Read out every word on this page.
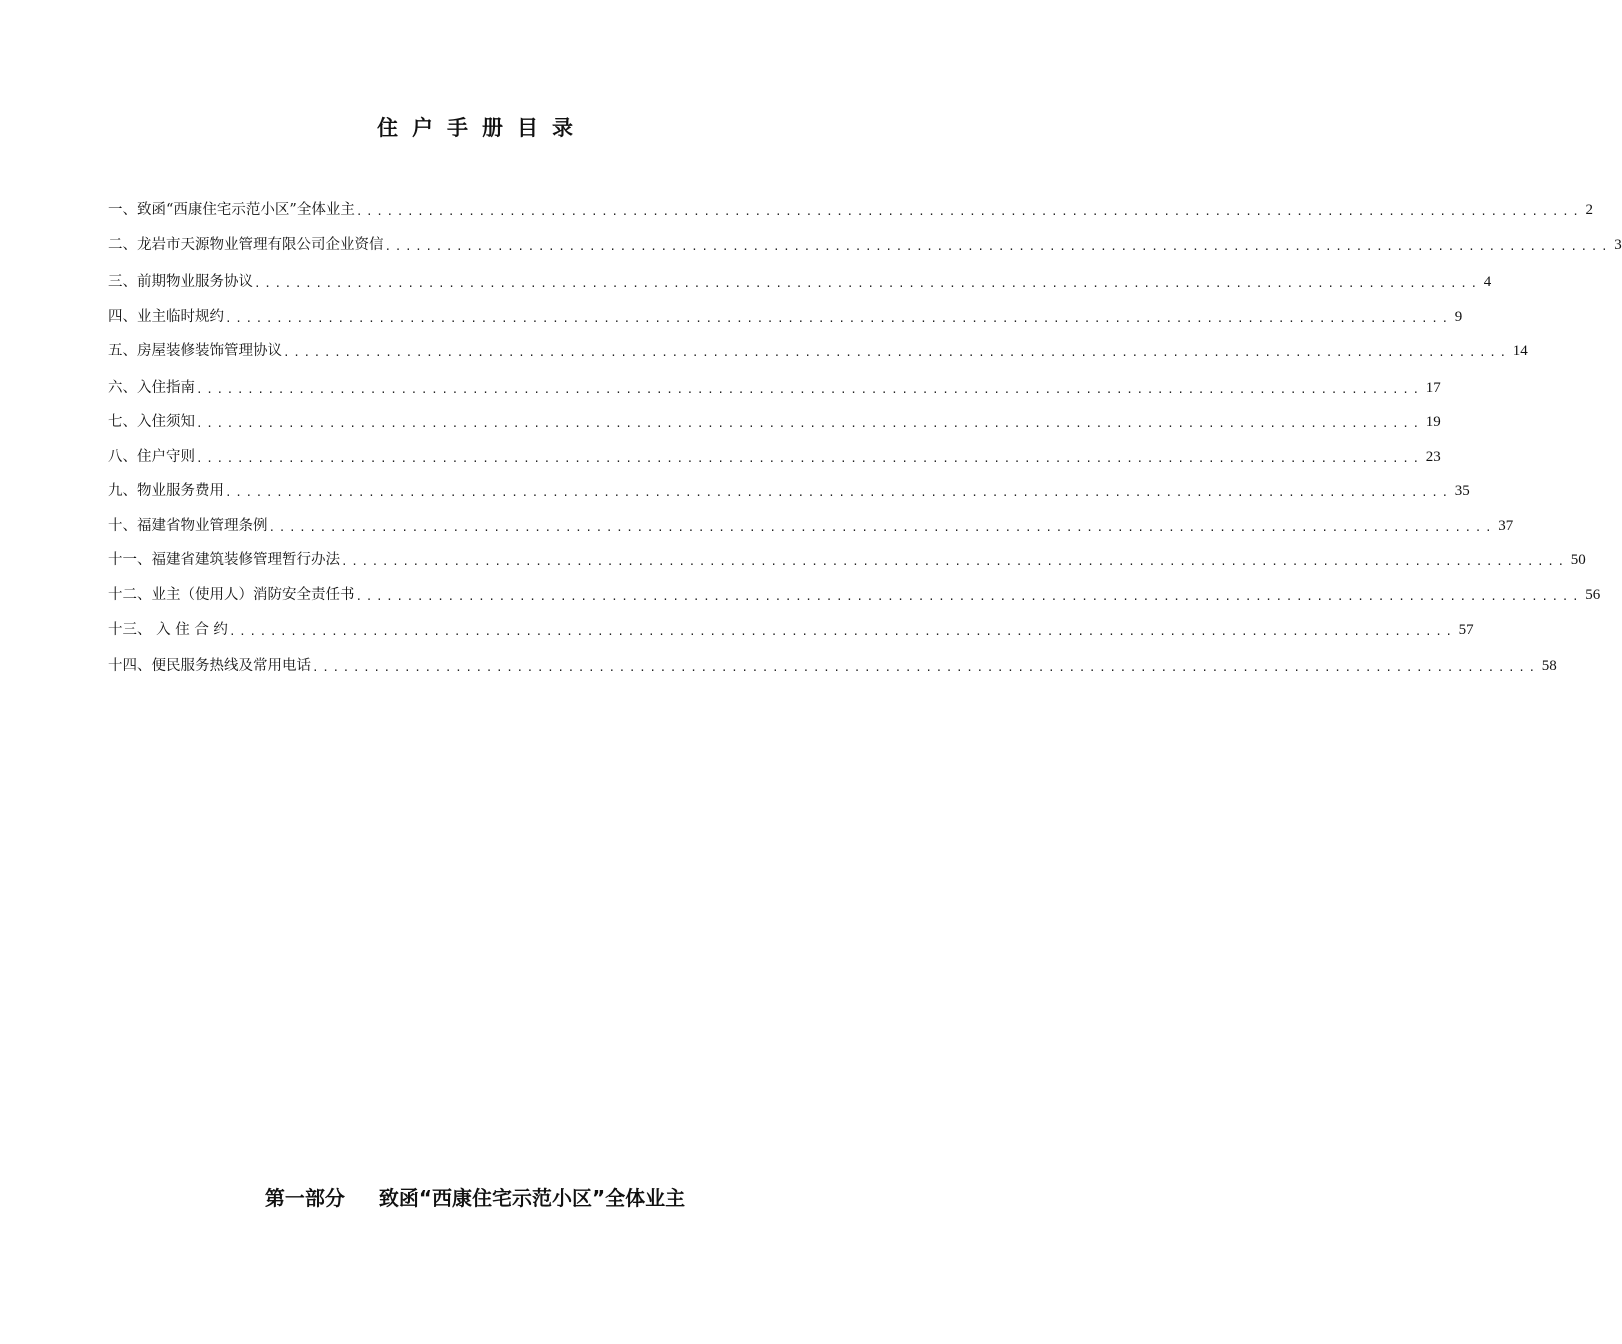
住户手册目录
一、致函“西康住宅示范小区”全体业主 ........................................................................................................................ 2
二、龙岩市天源物业管理有限公司企业资信 ........................................................................................................................ 3
三、前期物业服务协议 ........................................................................................................................ 4
四、业主临时规约 ........................................................................................................................ 9
五、房屋装修装饰管理协议 ........................................................................................................................ 14
六、入住指南 ........................................................................................................................ 17
七、入住须知 ........................................................................................................................ 19
八、住户守则 ........................................................................................................................ 23
九、物业服务费用 ........................................................................................................................ 35
十、福建省物业管理条例 ........................................................................................................................ 37
十一、福建省建筑装修管理暂行办法 ........................................................................................................................ 50
十二、业主（使用人）消防安全责任书 ........................................................................................................................ 56
十三、 入 住 合 约 ........................................................................................................................ 57
十四、便民服务热线及常用电话 ........................................................................................................................ 58
第一部分 致函“西康住宅示范小区”全体业主
